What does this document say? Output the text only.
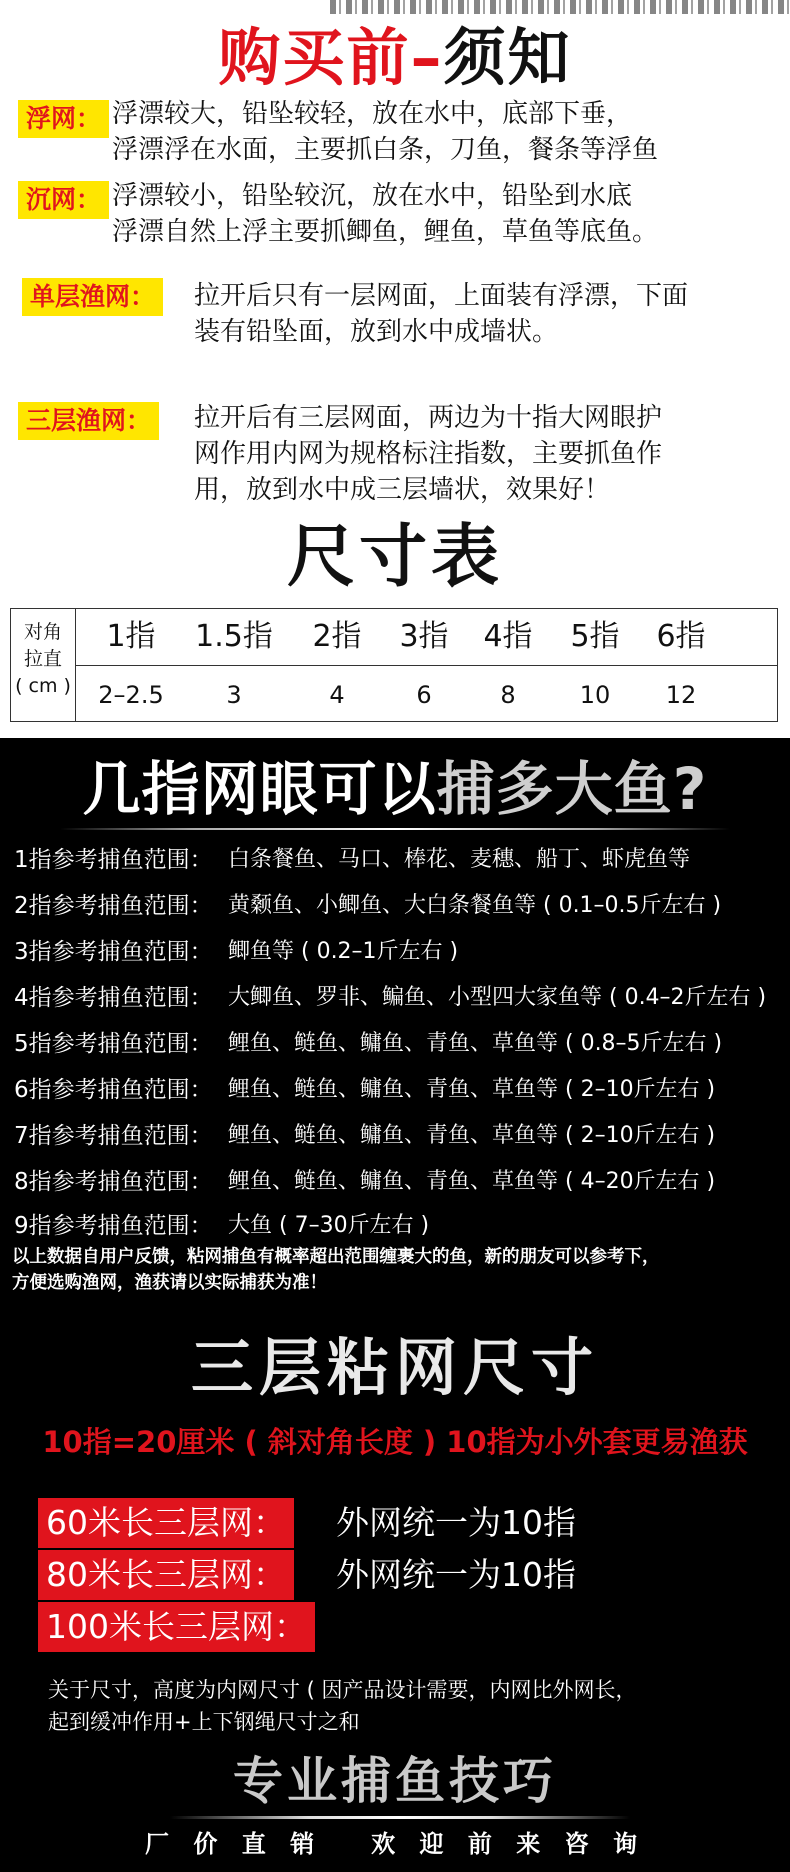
购买前–须知
浮网： 浮漂较大，铅坠较轻，放在水中，底部下垂，
浮漂浮在水面，主要抓白条，刀鱼，餐条等浮鱼
沉网： 浮漂较小，铅坠较沉，放在水中，铅坠到水底
浮漂自然上浮主要抓鲫鱼，鲤鱼，草鱼等底鱼。
单层渔网：	拉开后只有一层网面，上面装有浮漂，下面
装有铅坠面，放到水中成墙状。
三层渔网：	拉开后有三层网面，两边为十指大网眼护
网作用内网为规格标注指数，主要抓鱼作
用，放到水中成三层墙状，效果好！
尺寸表
对角
拉直
( cm )
1指	1.5指	2指	3指	4指	5指	6指
2–2.5	3	4	6	8	10	12
几指网眼可以捕多大鱼?
1指参考捕鱼范围： 白条餐鱼、马口、棒花、麦穗、船丁、虾虎鱼等
2指参考捕鱼范围： 黄颡鱼、小鲫鱼、大白条餐鱼等 ( 0.1–0.5斤左右 )
3指参考捕鱼范围： 鲫鱼等 ( 0.2–1斤左右 )
4指参考捕鱼范围： 大鲫鱼、罗非、鳊鱼、小型四大家鱼等 ( 0.4–2斤左右 )
5指参考捕鱼范围： 鲤鱼、鲢鱼、鳙鱼、青鱼、草鱼等 ( 0.8–5斤左右 )
6指参考捕鱼范围： 鲤鱼、鲢鱼、鳙鱼、青鱼、草鱼等 ( 2–10斤左右 )
7指参考捕鱼范围： 鲤鱼、鲢鱼、鳙鱼、青鱼、草鱼等 ( 2–10斤左右 )
8指参考捕鱼范围： 鲤鱼、鲢鱼、鳙鱼、青鱼、草鱼等 ( 4–20斤左右 )
9指参考捕鱼范围： 大鱼 ( 7–30斤左右 )
以上数据自用户反馈，粘网捕鱼有概率超出范围缠裹大的鱼，新的朋友可以参考下，
方便选购渔网，渔获请以实际捕获为准！
三层粘网尺寸
10指=20厘米 ( 斜对角长度 ) 10指为小外套更易渔获
60米长三层网： 外网统一为10指
80米长三层网： 外网统一为10指
100米长三层网：
关于尺寸，高度为内网尺寸 ( 因产品设计需要，内网比外网长，
起到缓冲作用+上下钢绳尺寸之和
专业捕鱼技巧
厂 价 直 销   欢 迎 前 来 咨 询
